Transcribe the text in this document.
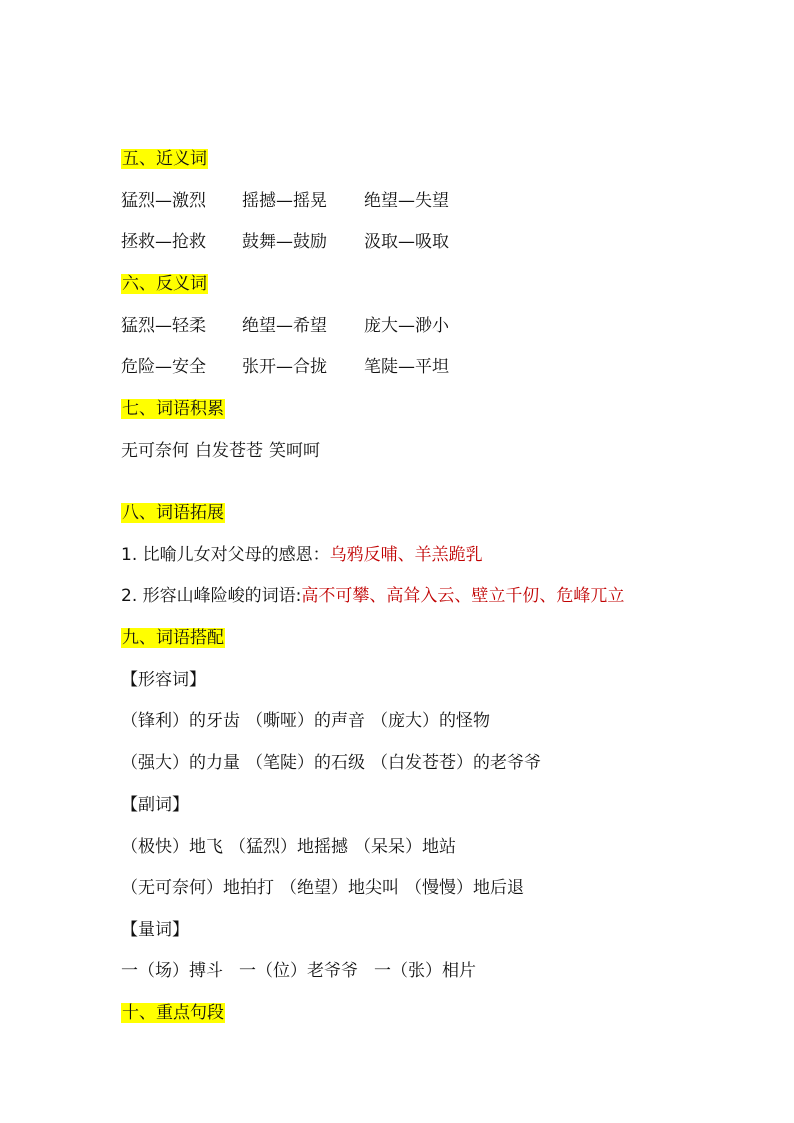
五、近义词
猛烈—激烈 摇撼—摇晃 绝望—失望
拯救—抢救 鼓舞—鼓励 汲取—吸取
六、反义词
猛烈—轻柔 绝望—希望 庞大—渺小
危险—安全 张开—合拢 笔陡—平坦
七、词语积累
无可奈何 白发苍苍 笑呵呵
八、词语拓展
1. 比喻儿女对父母的感恩：乌鸦反哺、羊羔跪乳
2. 形容山峰险峻的词语:高不可攀、高耸入云、壁立千仞、危峰兀立
九、词语搭配
【形容词】
（锋利）的牙齿 （嘶哑）的声音 （庞大）的怪物
（强大）的力量 （笔陡）的石级 （白发苍苍）的老爷爷
【副词】
（极快）地飞 （猛烈）地摇撼 （呆呆）地站
（无可奈何）地拍打 （绝望）地尖叫 （慢慢）地后退
【量词】
一（场）搏斗 一（位）老爷爷 一（张）相片
十、重点句段
